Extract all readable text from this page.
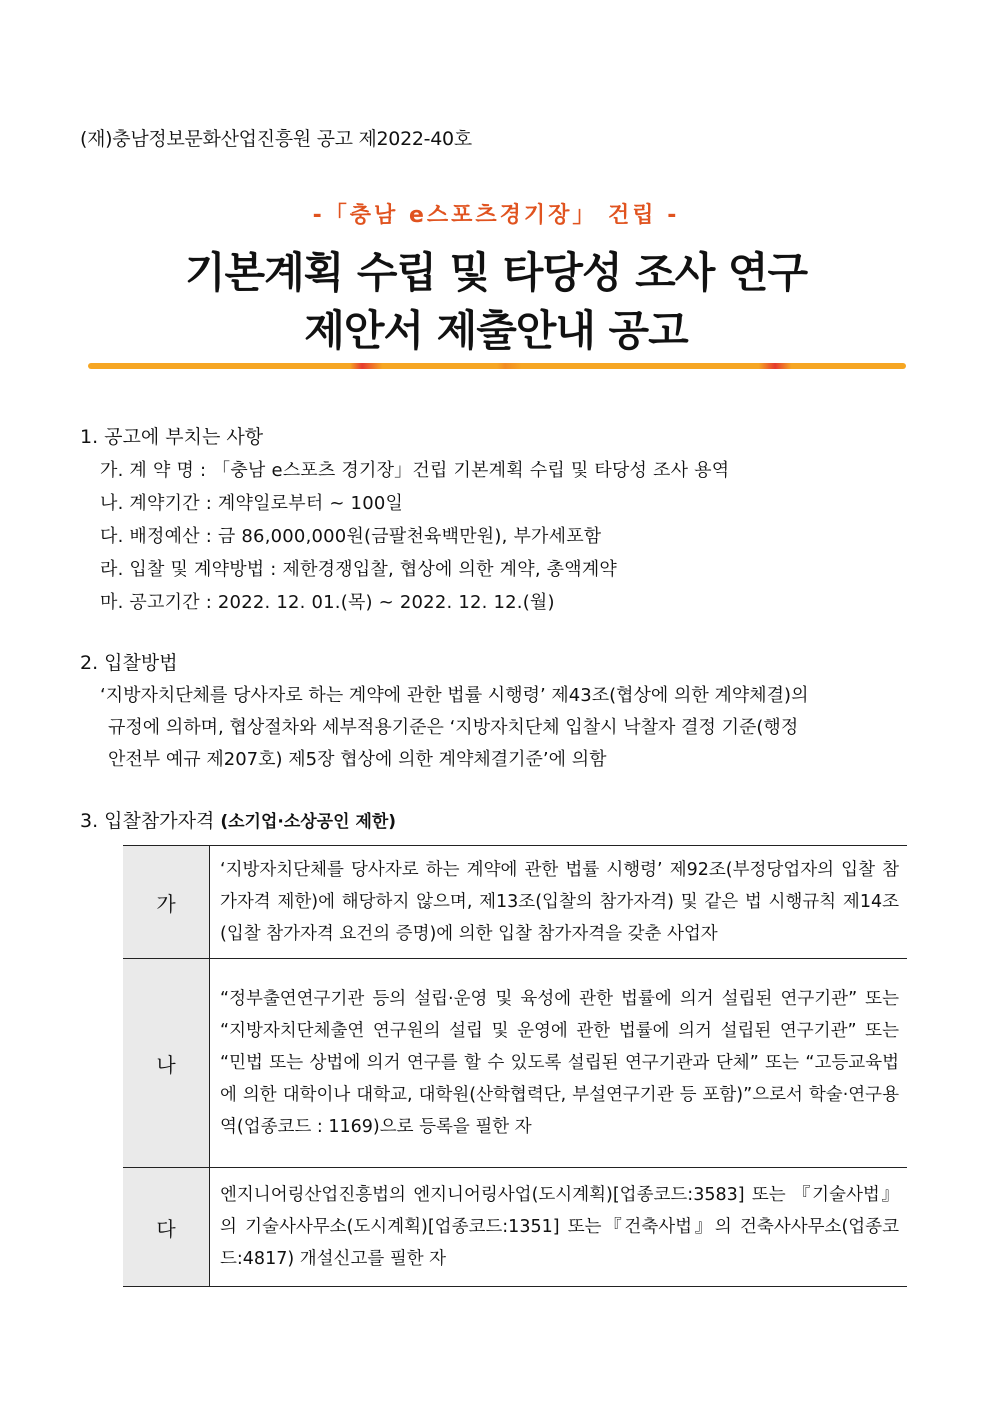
(재)충남정보문화산업진흥원 공고 제2022-40호
-「충남 e스포츠경기장」 건립 -
기본계획 수립 및 타당성 조사 연구
제안서 제출안내 공고
1. 공고에 부치는 사항
가. 계 약 명 : 「충남 e스포츠 경기장」건립 기본계획 수립 및 타당성 조사 용역
나. 계약기간 : 계약일로부터 ~ 100일
다. 배정예산 : 금 86,000,000원(금팔천육백만원), 부가세포함
라. 입찰 및 계약방법 : 제한경쟁입찰, 협상에 의한 계약, 총액계약
마. 공고기간 : 2022. 12. 01.(목) ~ 2022. 12. 12.(월)
2. 입찰방법
‘지방자치단체를 당사자로 하는 계약에 관한 법률 시행령’ 제43조(협상에 의한 계약체결)의
규정에 의하며, 협상절차와 세부적용기준은 ‘지방자치단체 입찰시 낙찰자 결정 기준(행정
안전부 예규 제207호) 제5장 협상에 의한 계약체결기준’에 의함
3. 입찰참가자격 (소기업·소상공인 제한)
가	‘지방자치단체를 당사자로 하는 계약에 관한 법률 시행령’ 제92조(부정당업자의 입찰 참가자격 제한)에 해당하지 않으며, 제13조(입찰의 참가자격) 및 같은 법 시행규칙 제14조(입찰 참가자격 요건의 증명)에 의한 입찰 참가자격을 갖춘 사업자
나	“정부출연연구기관 등의 설립·운영 및 육성에 관한 법률에 의거 설립된 연구기관” 또는 “지방자치단체출연 연구원의 설립 및 운영에 관한 법률에 의거 설립된 연구기관” 또는 “민법 또는 상법에 의거 연구를 할 수 있도록 설립된 연구기관과 단체” 또는 “고등교육법에 의한 대학이나 대학교, 대학원(산학협력단, 부설연구기관 등 포함)”으로서 학술·연구용역(업종코드 : 1169)으로 등록을 필한 자
다	엔지니어링산업진흥법의 엔지니어링사업(도시계획)[업종코드:3583] 또는 『기술사법』의 기술사사무소(도시계획)[업종코드:1351] 또는『건축사법』의 건축사사무소(업종코드:4817) 개설신고를 필한 자
